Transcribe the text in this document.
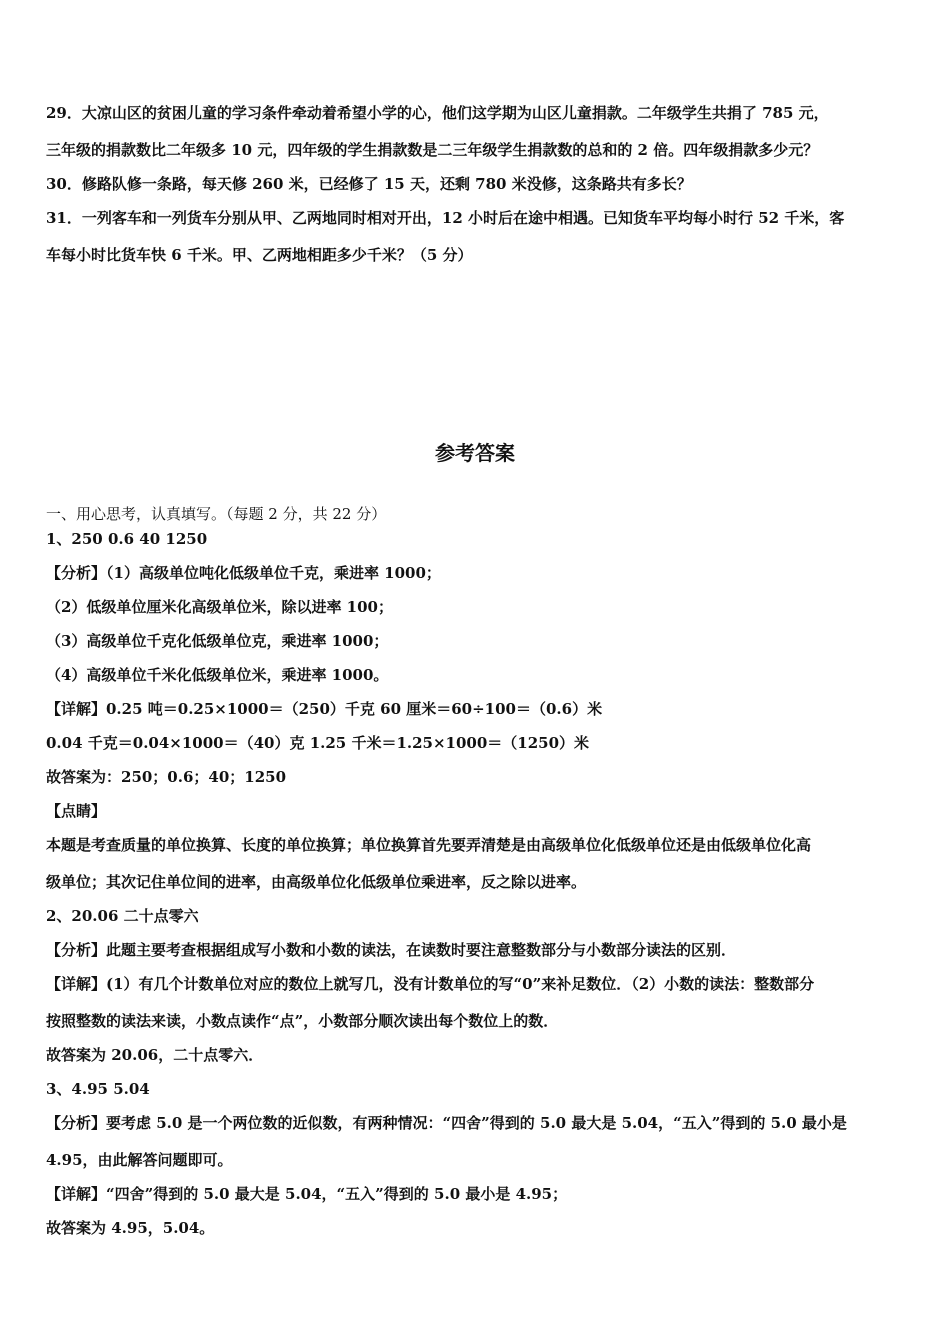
29．大凉山区的贫困儿童的学习条件牵动着希望小学的心，他们这学期为山区儿童捐款。二年级学生共捐了 785 元，
三年级的捐款数比二年级多 10 元，四年级的学生捐款数是二三年级学生捐款数的总和的 2 倍。四年级捐款多少元？
30．修路队修一条路，每天修 260 米，已经修了 15 天，还剩 780 米没修，这条路共有多长？
31．一列客车和一列货车分别从甲、乙两地同时相对开出，12 小时后在途中相遇。已知货车平均每小时行 52 千米，客
车每小时比货车快 6 千米。甲、乙两地相距多少千米？（5 分）
参考答案
一、用心思考，认真填写。（每题 2 分，共 22 分）
1、250 0.6 40 1250
【分析】（1）高级单位吨化低级单位千克，乘进率 1000；
（2）低级单位厘米化高级单位米，除以进率 100；
（3）高级单位千克化低级单位克，乘进率 1000；
（4）高级单位千米化低级单位米，乘进率 1000。
【详解】0.25 吨＝0.25×1000＝（250）千克 60 厘米＝60÷100＝（0.6）米
0.04 千克＝0.04×1000＝（40）克 1.25 千米＝1.25×1000＝（1250）米
故答案为：250；0.6；40；1250
【点睛】
本题是考查质量的单位换算、长度的单位换算；单位换算首先要弄清楚是由高级单位化低级单位还是由低级单位化高
级单位；其次记住单位间的进率，由高级单位化低级单位乘进率，反之除以进率。
2、20.06 二十点零六
【分析】此题主要考查根据组成写小数和小数的读法，在读数时要注意整数部分与小数部分读法的区别．
【详解】(1）有几个计数单位对应的数位上就写几，没有计数单位的写“0”来补足数位．（2）小数的读法：整数部分
按照整数的读法来读，小数点读作“点”，小数部分顺次读出每个数位上的数．
故答案为 20.06，二十点零六．
3、4.95 5.04
【分析】要考虑 5.0 是一个两位数的近似数，有两种情况：“四舍”得到的 5.0 最大是 5.04，“五入”得到的 5.0 最小是
4.95，由此解答问题即可。
【详解】“四舍”得到的 5.0 最大是 5.04，“五入”得到的 5.0 最小是 4.95；
故答案为 4.95，5.04。
